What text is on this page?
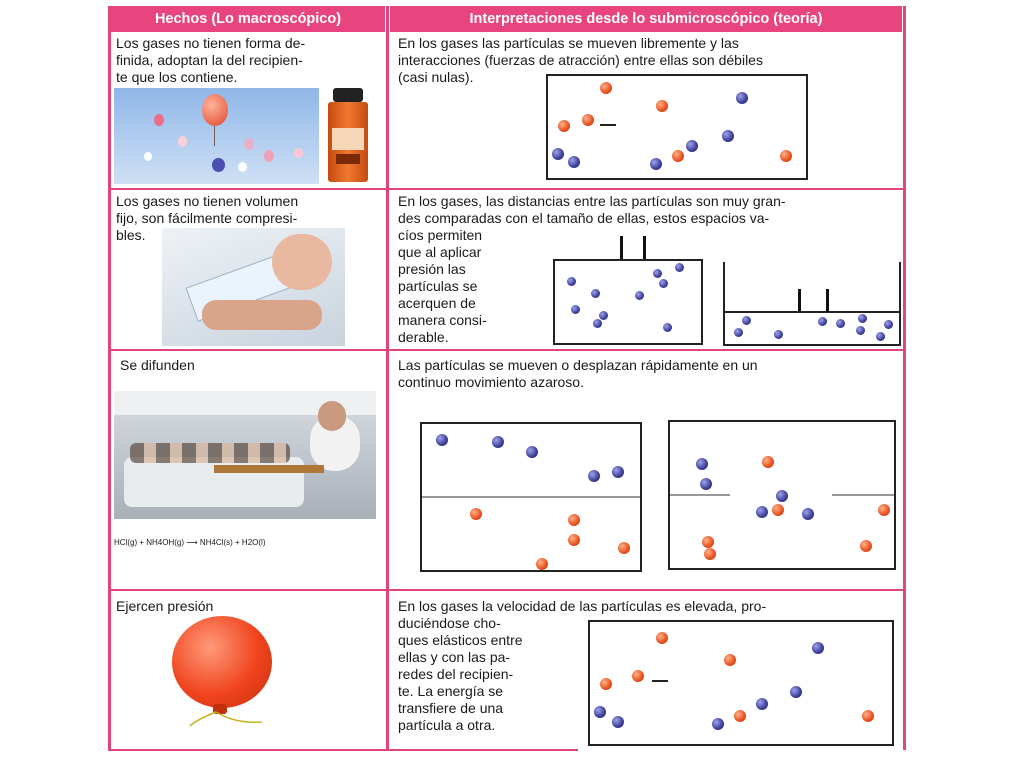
Hechos (Lo macroscópico)	Interpretaciones desde lo submicroscópico (teoría)
Los gases no tienen forma de-
finida, adoptan la del recipien-
te que los contiene.
En los gases las partículas se mueven libremente y las
interacciones (fuerzas de atracción) entre ellas son débiles
(casi nulas).
Los gases no tienen volumen
fijo, son fácilmente compresi-
bles.
En los gases, las distancias entre las partículas son muy gran-
des comparadas con el tamaño de ellas, estos espacios va-
cíos permiten
que al aplicar
presión las
partículas se
acerquen de
manera consi-
derable.
Se difunden
HCl(g) + NH4OH(g) ⟶ NH4Cl(s) + H2O(l)
Las partículas se mueven o desplazan rápidamente en un
continuo movimiento azaroso.
Ejercen presión	En los gases la velocidad de las partículas es elevada, pro-
duciéndose cho-
ques elásticos entre
ellas y con las pa-
redes del recipien-
te. La energía se
transfiere de una
partícula a otra.
